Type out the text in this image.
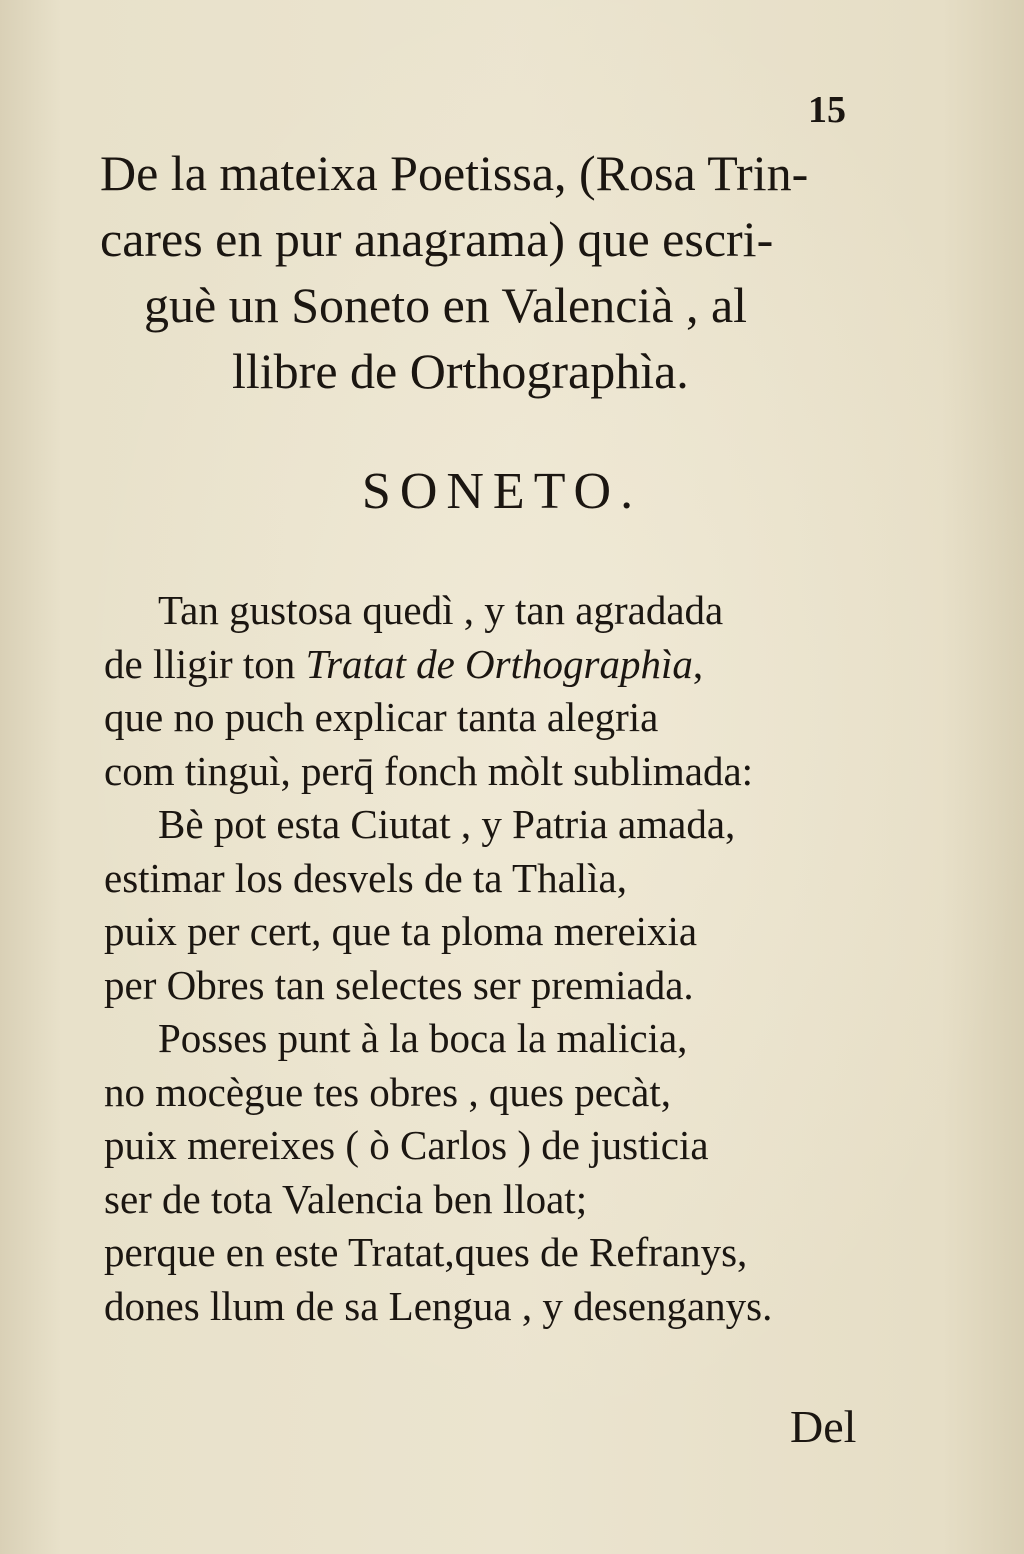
15
De la mateixa Poetissa, (Rosa Trin-
cares en pur anagrama) que escri-
guè un Soneto en Valencià , al
llibre de Orthographìa.
SONETO.
Tan gustosa quedì , y tan agradada
de lligir ton Tratat de Orthographìa,
que no puch explicar tanta alegria
com tinguì, perq̄ fonch mòlt sublimada:
Bè pot esta Ciutat , y Patria amada,
estimar los desvels de ta Thalìa,
puix per cert, que ta ploma mereixia
per Obres tan selectes ser premiada.
Posses punt à la boca la malicia,
no mocègue tes obres , ques pecàt,
puix mereixes ( ò Carlos ) de justicia
ser de tota Valencia ben lloat;
perque en este Tratat,ques de Refranys,
dones llum de sa Lengua , y desenganys.
Del
